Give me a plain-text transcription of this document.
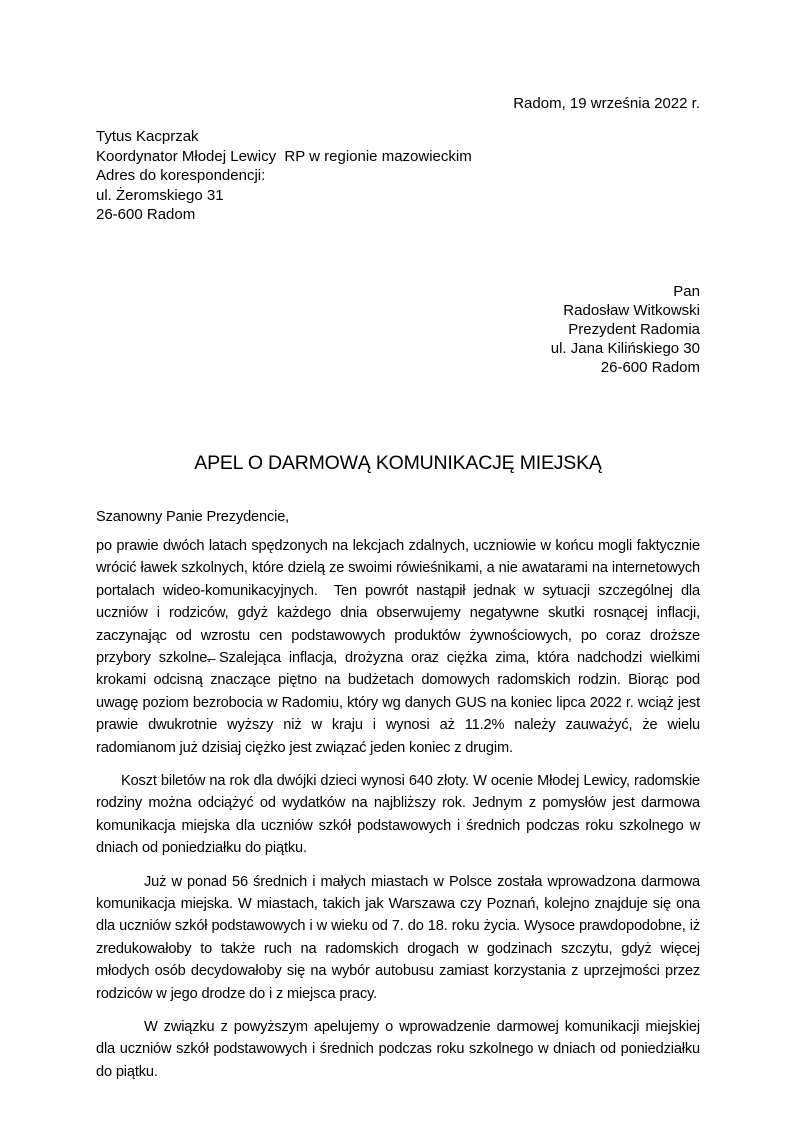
Radom, 19 września 2022 r.
Tytus Kacprzak
Koordynator Młodej Lewicy  RP w regionie mazowieckim
Adres do korespondencji:
ul. Żeromskiego 31
26-600 Radom
Pan
Radosław Witkowski
Prezydent Radomia
ul. Jana Kilińskiego 30
26-600 Radom
APEL O DARMOWĄ KOMUNIKACJĘ MIEJSKĄ
Szanowny Panie Prezydencie,

po prawie dwóch latach spędzonych na lekcjach zdalnych, uczniowie w końcu mogli faktycznie wrócić ławek szkolnych, które dzielą ze swoimi rówieśnikami, a nie awatarami na internetowych portalach wideo-komunikacyjnych.  Ten powrót nastąpił jednak w sytuacji szczególnej dla uczniów i rodziców, gdyż każdego dnia obserwujemy negatywne skutki rosnącej inflacji, zaczynając od wzrostu cen podstawowych produktów żywnościowych, po coraz droższe przybory szkolne.̶ Szalejąca inflacja, drożyzna oraz ciężka zima, która nadchodzi wielkimi krokami odcisną znaczące piętno na budżetach domowych radomskich rodzin. Biorąc pod uwagę poziom bezrobocia w Radomiu, który wg danych GUS na koniec lipca 2022 r. wciąż jest prawie dwukrotnie wyższy niż w kraju i wynosi aż 11.2% należy zauważyć, że wielu radomianom już dzisiaj ciężko jest związać jeden koniec z drugim.

Koszt biletów na rok dla dwójki dzieci wynosi 640 złoty. W ocenie Młodej Lewicy, radomskie rodziny można odciążyć od wydatków na najbliższy rok. Jednym z pomysłów jest darmowa komunikacja miejska dla uczniów szkół podstawowych i średnich podczas roku szkolnego w dniach od poniedziałku do piątku.

Już w ponad 56 średnich i małych miastach w Polsce została wprowadzona darmowa komunikacja miejska. W miastach, takich jak Warszawa czy Poznań, kolejno znajduje się ona dla uczniów szkół podstawowych i w wieku od 7. do 18. roku życia. Wysoce prawdopodobne, iż zredukowałoby to także ruch na radomskich drogach w godzinach szczytu, gdyż więcej młodych osób decydowałoby się na wybór autobusu zamiast korzystania z uprzejmości przez rodziców w jego drodze do i z miejsca pracy.

W związku z powyższym apelujemy o wprowadzenie darmowej komunikacji miejskiej dla uczniów szkół podstawowych i średnich podczas roku szkolnego w dniach od poniedziałku do piątku.
